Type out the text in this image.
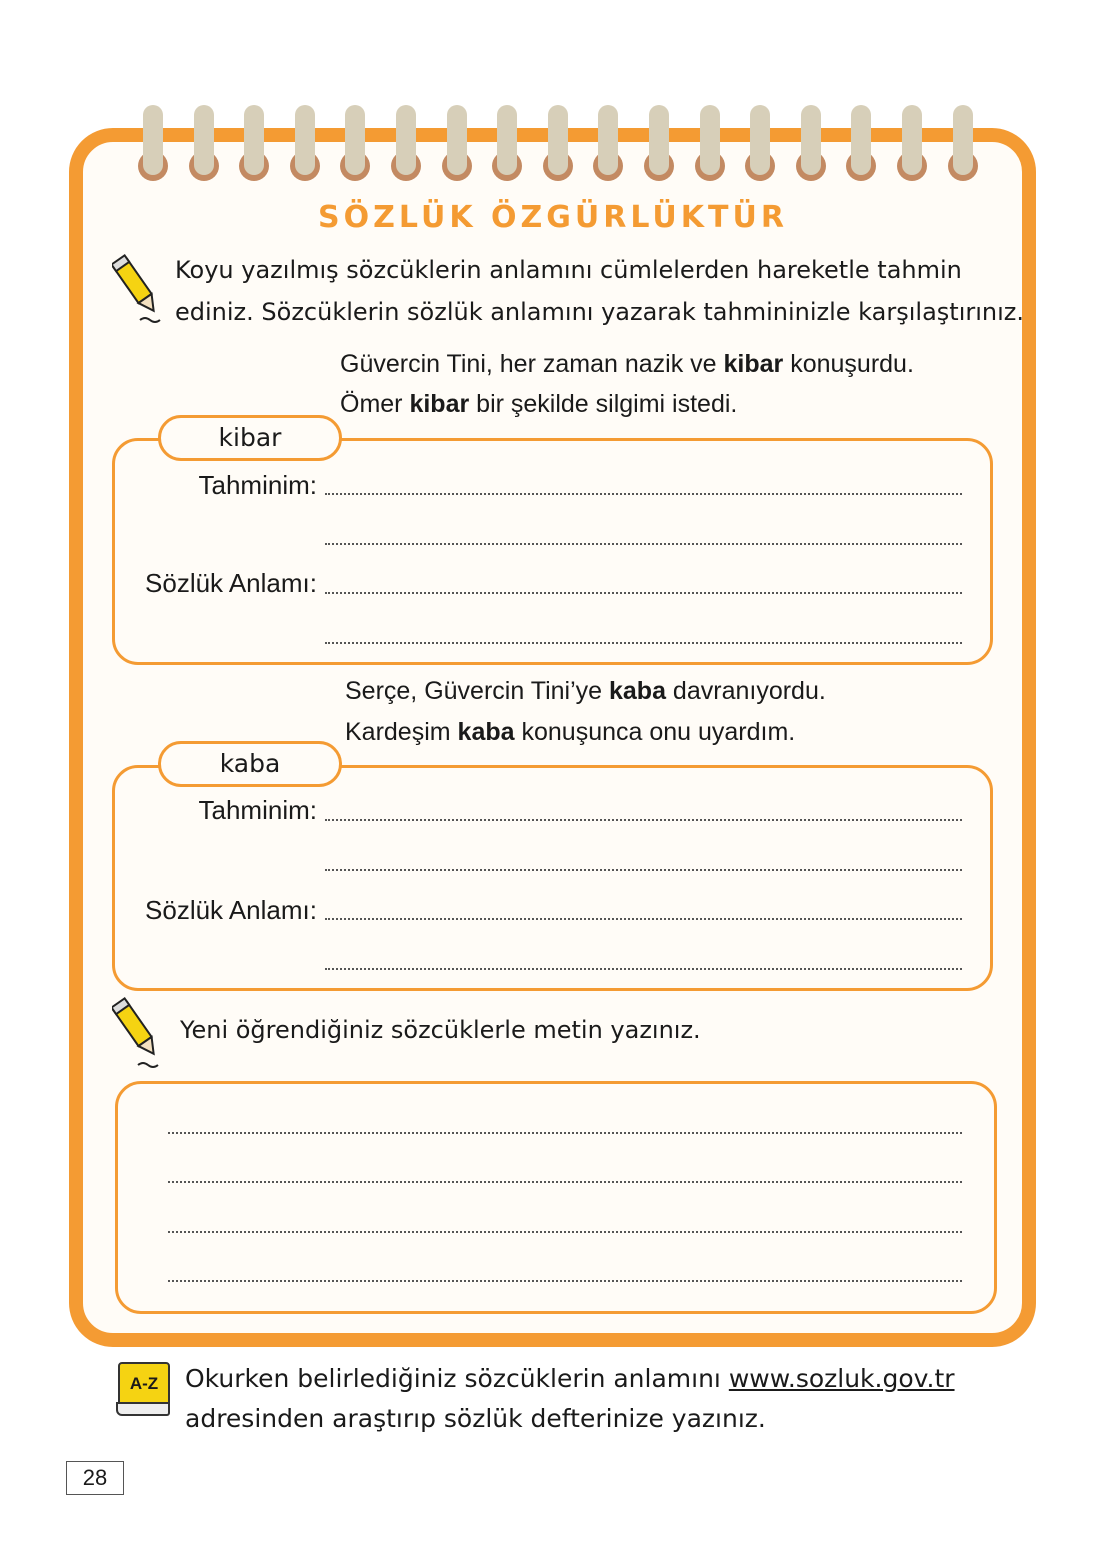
SÖZLÜK ÖZGÜRLÜKTÜR
Koyu yazılmış sözcüklerin anlamını cümlelerden hareketle tahmin
ediniz. Sözcüklerin sözlük anlamını yazarak tahmininizle karşılaştırınız.
Güvercin Tini, her zaman nazik ve kibar konuşurdu.
Ömer kibar bir şekilde silgimi istedi.
kibar
Tahminim:
Sözlük Anlamı:
Serçe, Güvercin Tini’ye kaba davranıyordu.
Kardeşim kaba konuşunca onu uyardım.
kaba
Tahminim:
Sözlük Anlamı:
Yeni öğrendiğiniz sözcüklerle metin yazınız.
A-Z	Okurken belirlediğiniz sözcüklerin anlamını www.sozluk.gov.tr
adresinden araştırıp sözlük defterinize yazınız.
28
